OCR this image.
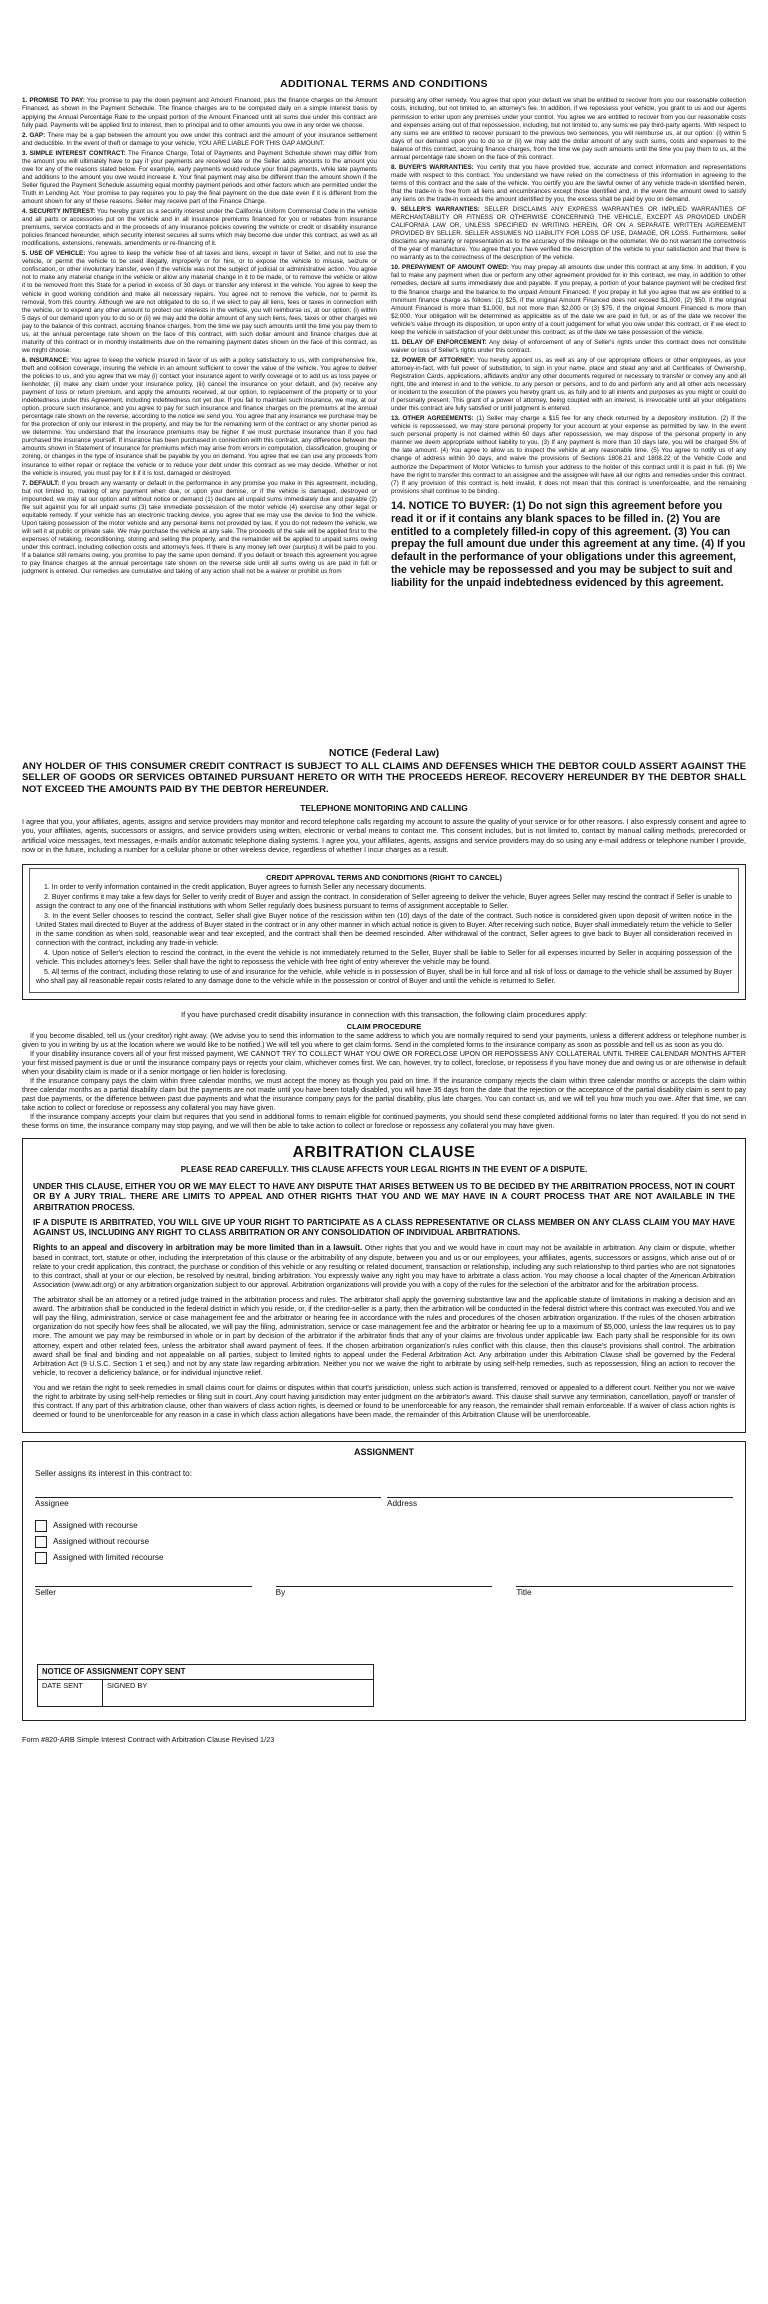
ADDITIONAL TERMS AND CONDITIONS

1. PROMISE TO PAY: You promise to pay the down payment and Amount Financed, plus the finance charges on the Amount Financed, as shown in the Payment Schedule. The finance charges are to be computed daily on a simple interest basis by applying the Annual Percentage Rate to the unpaid portion of the Amount Financed until all sums due under this contract are fully paid. Payments will be applied first to interest, then to principal and to other amounts you owe in any order we choose.

2. GAP: There may be a gap between the amount you owe under this contract and the amount of your insurance settlement and deductible. In the event of theft or damage to your vehicle, YOU ARE LIABLE FOR THIS GAP AMOUNT.

3. SIMPLE INTEREST CONTRACT: The Finance Charge, Total of Payments and Payment Schedule shown may differ from the amount you will ultimately have to pay if your payments are received late or the Seller adds amounts to the amount you owe for any of the reasons stated below. For example, early payments would reduce your final payments, while late payments and additions to the amount you owe would increase it. Your final payment may also be different than the amount shown if the Seller figured the Payment Schedule assuming equal monthly payment periods and other factors which are permitted under the Truth in Lending Act. Your promise to pay requires you to pay the final payment on the due date even if it is different from the amount shown for any of these reasons. Seller may receive part of the Finance Charge.

4. SECURITY INTEREST: You hereby grant us a security interest under the California Uniform Commercial Code in the vehicle and all parts or accessories put on the vehicle and in all insurance premiums financed for you or rebates from insurance premiums, service contracts and in the proceeds of any insurance policies covering the vehicle or credit or disability insurance policies financed hereunder, which security interest secures all sums which may become due under this contract, as well as all modifications, extensions, renewals, amendments or re-financing of it.

5. USE OF VEHICLE: You agree to keep the vehicle free of all taxes and liens, except in favor of Seller, and not to use the vehicle, or permit the vehicle to be used illegally, improperly or for hire, or to expose the vehicle to misuse, seizure or confiscation, or other involuntary transfer, even if the vehicle was not the subject of judicial or administrative action. You agree not to make any material change in the vehicle or allow any material change in it to be made, or to remove the vehicle or allow it to be removed from this State for a period in excess of 30 days or transfer any interest in the vehicle. You agree to keep the vehicle in good working condition and make all necessary repairs. You agree not to remove the vehicle, nor to permit its removal, from this country. Although we are not obligated to do so, if we elect to pay all liens, fees or taxes in connection with the vehicle, or to expend any other amount to protect our interests in the vehicle, you will reimburse us, at our option: (i) within 5 days of our demand upon you to do so or (ii) we may add the dollar amount of any such liens, fees, taxes or other charges we pay to the balance of this contract, accruing finance charges, from the time we pay such amounts until the time you pay them to us, at the annual percentage rate shown on the face of this contract, with such dollar amount and finance charges due at maturity of this contract or in monthly installments due on the remaining payment dates shown on the face of this contract, as we might choose.

6. INSURANCE: You agree to keep the vehicle insured in favor of us with a policy satisfactory to us, with comprehensive fire, theft and collision coverage, insuring the vehicle in an amount sufficient to cover the value of the vehicle. You agree to deliver the policies to us, and you agree that we may (i) contact your insurance agent to verify coverage or to add us as loss payee or lienholder, (ii) make any claim under your insurance policy, (iii) cancel the insurance on your default, and (iv) receive any payment of loss or return premium, and apply the amounts received, at our option, to replacement of the property or to your indebtedness under this Agreement, including indebtedness not yet due. If you fail to maintain such insurance, we may, at our option, procure such insurance, and you agree to pay for such insurance and finance charges on the premiums at the annual percentage rate shown on the reverse, according to the notice we send you. You agree that any insurance we purchase may be for the protection of only our interest in the property, and may be for the remaining term of the contract or any shorter period as we determine. You understand that the insurance premiums may be higher if we must purchase insurance than if you had purchased the insurance yourself. If insurance has been purchased in connection with this contract, any difference between the amounts shown in Statement of Insurance for premiums which may arise from errors in computation, classification, grouping or zoning, or changes in the type of insurance shall be payable by you on demand. You agree that we can use any proceeds from insurance to either repair or replace the vehicle or to reduce your debt under this contract as we may decide. Whether or not the vehicle is insured, you must pay for it if it is lost, damaged or destroyed.

7. DEFAULT: If you breach any warranty or default in the performance in any promise you make in this agreement, including, but not limited to, making of any payment when due, or upon your demise, or if the vehicle is damaged, destroyed or impounded, we may at our option and without notice or demand (1) declare all unpaid sums immediately due and payable (2) file suit against you for all unpaid sums (3) take immediate possession of the motor vehicle (4) exercise any other legal or equitable remedy. If your vehicle has an electronic tracking device, you agree that we may use the device to find the vehicle. Upon taking possession of the motor vehicle and any personal items not provided by law, if you do not redeem the vehicle, we will sell it at public or private sale. We may purchase the vehicle at any sale. The proceeds of the sale will be applied first to the expenses of retaking, reconditioning, storing and selling the property, and the remainder will be applied to unpaid sums owing under this contract, including collection costs and attorney's fees. If there is any money left over (surplus) it will be paid to you. If a balance still remains owing, you promise to pay the same upon demand. If you default or breach this agreement you agree to pay finance charges at the annual percentage rate shown on the reverse side until all sums owing us are paid in full or judgment is entered. Our remedies are cumulative and taking of any action shall not be a waiver or prohibit us from

pursuing any other remedy. You agree that upon your default we shall be entitled to recover from you our reasonable collection costs, including, but not limited to, an attorney's fee. In addition, if we repossess your vehicle, you grant to us and our agents permission to enter upon any premises under your control. You agree we are entitled to recover from you our reasonable costs and expenses arising out of that repossession, including, but not limited to, any sums we pay third-party agents. With respect to any sums we are entitled to recover pursuant to the previous two sentences, you will reimburse us, at our option: (i) within 5 days of our demand upon you to do so or (ii) we may add the dollar amount of any such sums, costs and expenses to the balance of this contract, accruing finance charges, from the time we pay such amounts until the time you pay them to us, at the annual percentage rate shown on the face of this contract.

8. BUYER'S WARRANTIES: You certify that you have provided true, accurate and correct information and representations made with respect to this contract. You understand we have relied on the correctness of this information in agreeing to the terms of this contract and the sale of the vehicle. You certify you are the lawful owner of any vehicle trade-in identified herein, that the trade-in is free from all liens and encumbrances except those identified and, in the event the amount owed to satisfy any liens on the trade-in exceeds the amount identified by you, the excess shall be paid by you on demand.

9. SELLER'S WARRANTIES: SELLER DISCLAIMS ANY EXPRESS WARRANTIES OR IMPLIED WARRANTIES OF MERCHANTABILITY OR FITNESS OR OTHERWISE CONCERNING THE VEHICLE, EXCEPT AS PROVIDED UNDER CALIFORNIA LAW OR, UNLESS SPECIFIED IN WRITING HEREIN, OR ON A SEPARATE WRITTEN AGREEMENT PROVIDED BY SELLER. SELLER ASSUMES NO LIABILITY FOR LOSS OF USE, DAMAGE, OR LOSS. Furthermore, seller disclaims any warranty or representation as to the accuracy of the mileage on the odometer. We do not warrant the correctness of the year of manufacture. You agree that you have verified the description of the vehicle to your satisfaction and that there is no warranty as to the correctness of the description of the vehicle.

10. PREPAYMENT OF AMOUNT OWED: You may prepay all amounts due under this contract at any time. In addition, if you fail to make any payment when due or perform any other agreement provided for in this contract, we may, in addition to other remedies, declare all sums immediately due and payable. If you prepay, a portion of your balance payment will be credited first to the finance charge and the balance to the unpaid Amount Financed. If you prepay in full you agree that we are entitled to a minimum finance charge as follows: (1) $25, if the original Amount Financed does not exceed $1,000, (2) $50, if the original Amount Financed is more than $1,000, but not more than $2,000 or (3) $75, if the original Amount Financed is more than $2,000. Your obligation will be determined as applicable as of the date we are paid in full, or as of the date we recover the vehicle's value through its disposition, or upon entry of a court judgement for what you owe under this contract, or if we elect to keep the vehicle in satisfaction of your debt under this contract, as of the date we take possession of the vehicle.

11. DELAY OF ENFORCEMENT: Any delay of enforcement of any of Seller's rights under this contract does not constitute waiver or loss of Seller's rights under this contract.

12. POWER OF ATTORNEY: You hereby appoint us, as well as any of our appropriate officers or other employees, as your attorney-in-fact, with full power of substitution, to sign in your name, place and stead any and all Certificates of Ownership, Registration Cards, applications, affidavits and/or any other documents required or necessary to transfer or convey any and all right, title and interest in and to the vehicle, to any person or persons, and to do and perform any and all other acts necessary or incident to the execution of the powers you hereby grant us, as fully and to all intents and purposes as you might or could do if personally present. This grant of a power of attorney, being coupled with an interest, is irrevocable until all your obligations under this contract are fully satisfied or until judgment is entered.

13. OTHER AGREEMENTS: (1) Seller may charge a $15 fee for any check returned by a depository institution. (2) If the vehicle is repossessed, we may store personal property for your account at your expense as permitted by law. In the event such personal property is not claimed within 60 days after repossession, we may dispose of the personal property in any manner we deem appropriate without liability to you. (3) If any payment is more than 10 days late, you will be charged 5% of the late amount. (4) You agree to allow us to inspect the vehicle at any reasonable time. (5) You agree to notify us of any change of address within 30 days, and waive the provisions of Sections 1808.21 and 1808.22 of the Vehicle Code and authorize the Department of Motor Vehicles to furnish your address to the holder of this contract until it is paid in full. (6) We have the right to transfer this contract to an assignee and the assignee will have all our rights and remedies under this contract. (7) If any provision of this contract is held invalid, it does not mean that this contract is unenforceable, and the remaining provisions shall continue to be binding.

14. NOTICE TO BUYER: (1) Do not sign this agreement before you read it or if it contains any blank spaces to be filled in. (2) You are entitled to a completely filled-in copy of this agreement. (3) You can prepay the full amount due under this agreement at any time. (4) If you default in the performance of your obligations under this agreement, the vehicle may be repossessed and you may be subject to suit and liability for the unpaid indebtedness evidenced by this agreement.
NOTICE (Federal Law)
ANY HOLDER OF THIS CONSUMER CREDIT CONTRACT IS SUBJECT TO ALL CLAIMS AND DEFENSES WHICH THE DEBTOR COULD ASSERT AGAINST THE SELLER OF GOODS OR SERVICES OBTAINED PURSUANT HERETO OR WITH THE PROCEEDS HEREOF. RECOVERY HEREUNDER BY THE DEBTOR SHALL NOT EXCEED THE AMOUNTS PAID BY THE DEBTOR HEREUNDER.
TELEPHONE MONITORING AND CALLING
I agree that you, your affiliates, agents, assigns and service providers may monitor and record telephone calls regarding my account to assure the quality of your service or for other reasons. I also expressly consent and agree to you, your affiliates, agents, successors or assigns, and service providers using written, electronic or verbal means to contact me. This consent includes, but is not limited to, contact by manual calling methods, prerecorded or artificial voice messages, text messages, e-mails and/or automatic telephone dialing systems. I agree you, your affiliates, agents, assigns and service providers may do so using any e-mail address or telephone number I provide, now or in the future, including a number for a cellular phone or other wireless device, regardless of whether I incur charges as a result.
CREDIT APPROVAL TERMS AND CONDITIONS (RIGHT TO CANCEL)

1. In order to verify information contained in the credit application, Buyer agrees to furnish Seller any necessary documents.

2. Buyer confirms it may take a few days for Seller to verify credit of Buyer and assign the contract. In consideration of Seller agreeing to deliver the vehicle, Buyer agrees Seller may rescind the contract if Seller is unable to assign the contract to any one of the financial institutions with whom Seller regularly does business pursuant to terms of assignment acceptable to Seller.

3. In the event Seller chooses to rescind the contract, Seller shall give Buyer notice of the rescission within ten (10) days of the date of the contract. Such notice is considered given upon deposit of written notice in the United States mail directed to Buyer at the address of Buyer stated in the contract or in any other manner in which actual notice is given to Buyer. After receiving such notice, Buyer shall immediately return the vehicle to Seller in the same condition as when sold, reasonable wear and tear excepted, and the contract shall then be deemed rescinded. After withdrawal of the contract, Seller agrees to give back to Buyer all consideration received in connection with the contract, including any trade-in vehicle.

4. Upon notice of Seller's election to rescind the contract, in the event the vehicle is not immediately returned to the Seller, Buyer shall be liable to Seller for all expenses incurred by Seller in acquiring possession of the vehicle. This includes attorney's fees. Seller shall have the right to repossess the vehicle with free right of entry wherever the vehicle may be found.

5. All terms of the contract, including those relating to use of and insurance for the vehicle, while vehicle is in possession of Buyer, shall be in full force and all risk of loss or damage to the vehicle shall be assumed by Buyer who shall pay all reasonable repair costs related to any damage done to the vehicle while in the possession or control of Buyer and until the vehicle is returned to Seller.

If you have purchased credit disability insurance in connection with this transaction, the following claim procedures apply:
CLAIM PROCEDURE

If you become disabled, tell us (your creditor) right away. (We advise you to send this information to the same address to which you are normally required to send your payments, unless a different address or telephone number is given to you in writing by us at the location where we would like to be notified.) We will tell you where to get claim forms. Send in the completed forms to the insurance company as soon as possible and tell us as soon as you do.

If your disability insurance covers all of your first missed payment, WE CANNOT TRY TO COLLECT WHAT YOU OWE OR FORECLOSE UPON OR REPOSSESS ANY COLLATERAL UNTIL THREE CALENDAR MONTHS AFTER your first missed payment is due or until the insurance company pays or rejects your claim, whichever comes first. We can, however, try to collect, foreclose, or repossess if you have money due and owing us or are otherwise in default when your disability claim is made or if a senior mortgage or lien holder is foreclosing.

If the insurance company pays the claim within three calendar months, we must accept the money as though you paid on time. If the insurance company rejects the claim within three calendar months or accepts the claim within three calendar months as a partial disability claim but the payments are not made until you have been totally disabled, you will have 35 days from the date that the rejection or the acceptance of the partial disability claim is sent to pay past due payments, or the difference between past due payments and what the insurance company pays for the partial disability, plus late charges. You can contact us, and we will tell you how much you owe. After that time, we can take action to collect or foreclose or repossess any collateral you may have given.

If the insurance company accepts your claim but requires that you send in additional forms to remain eligible for continued payments, you should send these completed additional forms no later than required. If you do not send in these forms on time, the insurance company may stop paying, and we will then be able to take action to collect or foreclose or repossess any collateral you may have given.

ARBITRATION CLAUSE
PLEASE READ CAREFULLY. THIS CLAUSE AFFECTS YOUR LEGAL RIGHTS IN THE EVENT OF A DISPUTE.
UNDER THIS CLAUSE, EITHER YOU OR WE MAY ELECT TO HAVE ANY DISPUTE THAT ARISES BETWEEN US TO BE DECIDED BY THE ARBITRATION PROCESS, NOT IN COURT OR BY A JURY TRIAL. THERE ARE LIMITS TO APPEAL AND OTHER RIGHTS THAT YOU AND WE MAY HAVE IN A COURT PROCESS THAT ARE NOT AVAILABLE IN THE ARBITRATION PROCESS.
IF A DISPUTE IS ARBITRATED, YOU WILL GIVE UP YOUR RIGHT TO PARTICIPATE AS A CLASS REPRESENTATIVE OR CLASS MEMBER ON ANY CLASS CLAIM YOU MAY HAVE AGAINST US, INCLUDING ANY RIGHT TO CLASS ARBITRATION OR ANY CONSOLIDATION OF INDIVIDUAL ARBITRATIONS.
Rights to an appeal and discovery in arbitration may be more limited than in a lawsuit. Other rights that you and we would have in court may not be available in arbitration. Any claim or dispute, whether based in contract, tort, statute or other, including the interpretation of this clause or the arbitrability of any dispute, between you and us or our employees, your affiliates, agents, successors or assigns, which arise out of or relate to your credit application, this contract, the purchase or condition of this vehicle or any resulting or related document, transaction or relationship, including any such relationship to third parties who are not signatories to this contract, shall at your or our election, be resolved by neutral, binding arbitration. You expressly waive any right you may have to arbitrate a class action. You may choose a local chapter of the American Arbitration Association (www.adr.org) or any arbitration organization subject to our approval. Arbitration organizations will provide you with a copy of the rules for the selection of the arbitrator and for the arbitration process.
The arbitrator shall be an attorney or a retired judge trained in the arbitration process and rules. The arbitrator shall apply the governing substantive law and the applicable statute of limitations in making a decision and an award. The arbitration shall be conducted in the federal district in which you reside, or, if the creditor-seller is a party, then the arbitration will be conducted in the federal district where this contract was executed.You and we will pay the filing, administration, service or case management fee and the arbitrator or hearing fee in accordance with the rules and procedures of the chosen arbitration organization. If the rules of the chosen arbitration organization do not specify how fees shall be allocated, we will pay the filing, administration, service or case management fee and the arbitrator or hearing fee up to a maximum of $5,000, unless the law requires us to pay more. The amount we pay may be reimbursed in whole or in part by decision of the arbitrator if the arbitrator finds that any of your claims are frivolous under applicable law. Each party shall be responsible for its own attorney, expert and other related fees, unless the arbitrator shall award payment of fees. If the chosen arbitration organization's rules conflict with this clause, then this clause's provisions shall control. The arbitration award shall be final and binding and not appealable on all parties, subject to limited rights to appeal under the Federal Arbitration Act. Any arbitration under this Arbitration Clause shall be governed by the Federal Arbitration Act (9 U.S.C. Section 1 et seq.) and not by any state law regarding arbitration. Neither you nor we waive the right to arbitrate by using self-help remedies, such as repossession, filing an action to recover the vehicle, to recover a deficiency balance, or for individual injunctive relief.
You and we retain the right to seek remedies in small claims court for claims or disputes within that court's jurisdiction, unless such action is transferred, removed or appealed to a different court. Neither you nor we waive the right to arbitrate by using self-help remedies or filing suit in court. Any court having jurisdiction may enter judgment on the arbitrator's award. This clause shall survive any termination, cancellation, payoff or transfer of this contract. If any part of this arbitration clause, other than waivers of class action rights, is deemed or found to be unenforceable for any reason, the remainder shall remain enforceable. If a waiver of class action rights is deemed or found to be unenforceable for any reason in a case in which class action allegations have been made, the remainder of this Arbitration Clause will be unenforceable.
ASSIGNMENT
Seller assigns its interest in this contract to:
Assignee	Address
Assigned with recourse
Assigned without recourse
Assigned with limited recourse
Seller	By	Title
NOTICE OF ASSIGNMENT COPY SENT
DATE SENT	SIGNED BY
Form #820-ARB Simple Interest Contract with Arbitration Clause Revised 1/23
